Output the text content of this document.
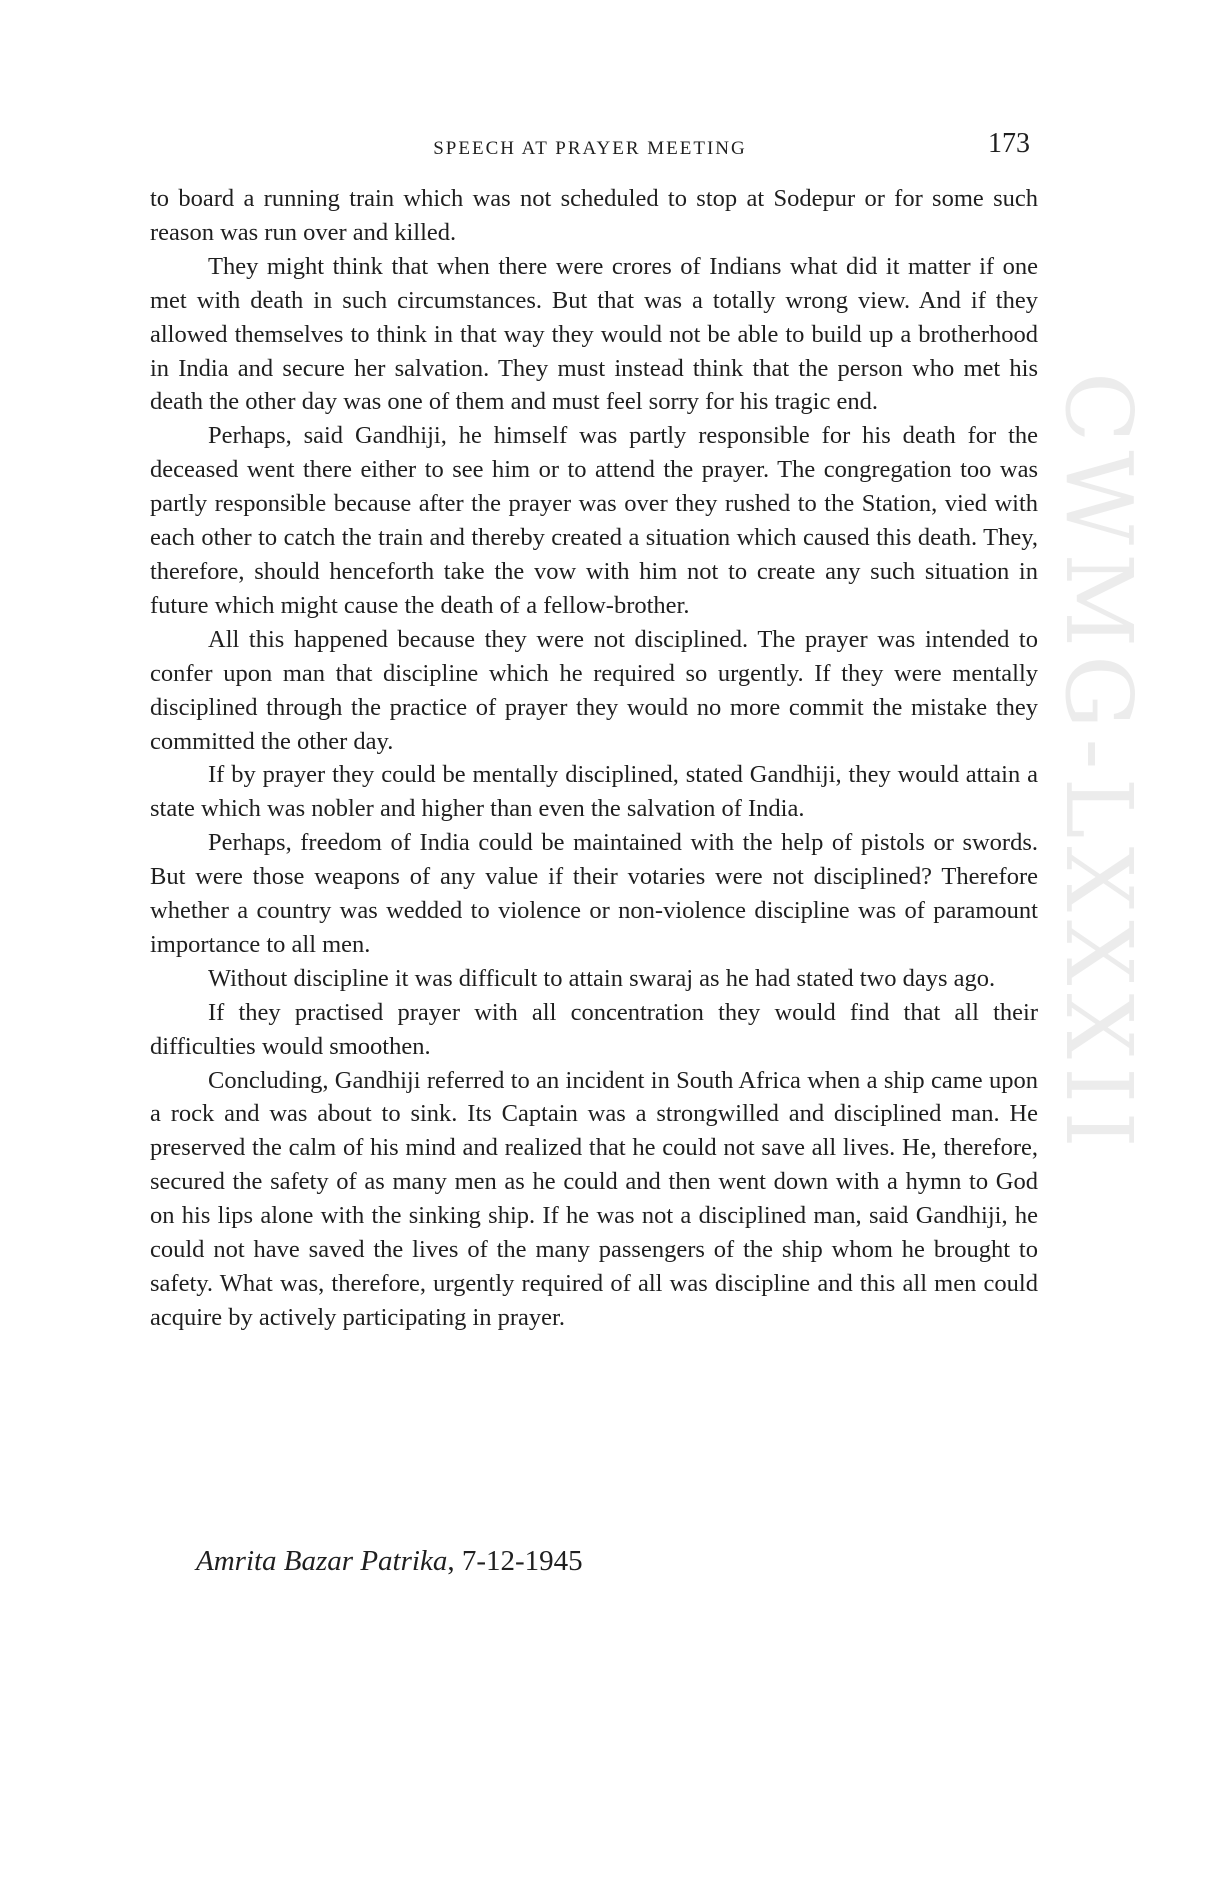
SPEECH AT PRAYER MEETING	173

to board a running train which was not scheduled to stop at Sodepur or for some such reason was run over and killed.

They might think that when there were crores of Indians what did it matter if one met with death in such circumstances. But that was a totally wrong view. And if they allowed themselves to think in that way they would not be able to build up a brotherhood in India and secure her salvation. They must instead think that the person who met his death the other day was one of them and must feel sorry for his tragic end.

Perhaps, said Gandhiji, he himself was partly responsible for his death for the deceased went there either to see him or to attend the prayer. The congregation too was partly responsible because after the prayer was over they rushed to the Station, vied with each other to catch the train and thereby created a situation which caused this death. They, therefore, should henceforth take the vow with him not to create any such situation in future which might cause the death of a fellow-brother.

All this happened because they were not disciplined. The prayer was intended to confer upon man that discipline which he required so urgently. If they were mentally disciplined through the practice of prayer they would no more commit the mistake they committed the other day.

If by prayer they could be mentally disciplined, stated Gandhiji, they would attain a state which was nobler and higher than even the salvation of India.

Perhaps, freedom of India could be maintained with the help of pistols or swords. But were those weapons of any value if their votaries were not disciplined? Therefore whether a country was wedded to violence or non-violence discipline was of paramount importance to all men.

Without discipline it was difficult to attain swaraj as he had stated two days ago.

If they practised prayer with all concentration they would find that all their difficulties would smoothen.

Concluding, Gandhiji referred to an incident in South Africa when a ship came upon a rock and was about to sink. Its Captain was a strongwilled and disciplined man. He preserved the calm of his mind and realized that he could not save all lives. He, therefore, secured the safety of as many men as he could and then went down with a hymn to God on his lips alone with the sinking ship. If he was not a disciplined man, said Gandhiji, he could not have saved the lives of the many passengers of the ship whom he brought to safety. What was, therefore, urgently required of all was discipline and this all men could acquire by actively participating in prayer.

Amrita Bazar Patrika, 7-12-1945
CWMG-LXXXII
